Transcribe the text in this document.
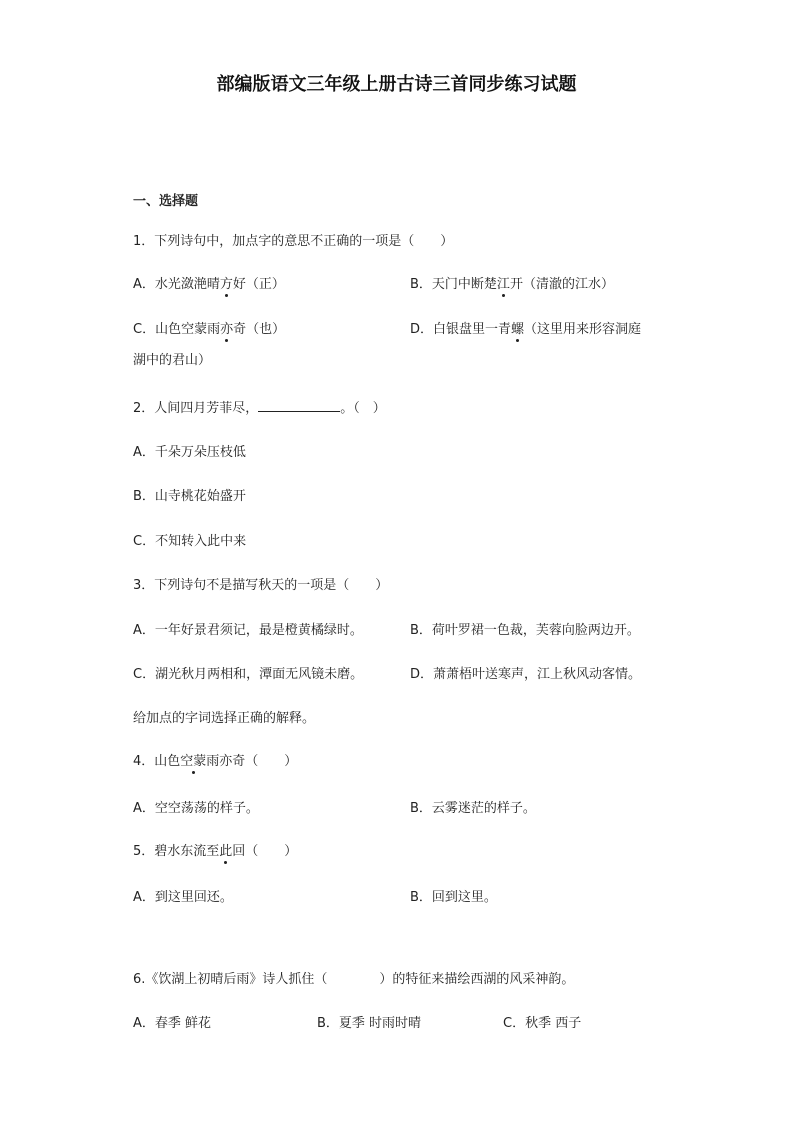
部编版语文三年级上册古诗三首同步练习试题
一、选择题
1．下列诗句中，加点字的意思不正确的一项是（　　）
A．水光潋滟晴方好（正）	B．天门中断楚江开（清澈的江水）
C．山色空蒙雨亦奇（也）	D．白银盘里一青螺（这里用来形容洞庭
湖中的君山）
2．人间四月芳菲尽，	。（　）
A．千朵万朵压枝低
B．山寺桃花始盛开
C．不知转入此中来
3．下列诗句不是描写秋天的一项是（　　）
A．一年好景君须记，最是橙黄橘绿时。	B．荷叶罗裙一色裁，芙蓉向脸两边开。
C．湖光秋月两相和，潭面无风镜未磨。	D．萧萧梧叶送寒声，江上秋风动客情。
给加点的字词选择正确的解释。
4．山色空蒙雨亦奇（　　）
A．空空荡荡的样子。	B．云雾迷茫的样子。
5．碧水东流至此回（　　）
A．到这里回还。	B．回到这里。
6.《饮湖上初晴后雨》诗人抓住（　　　　）的特征来描绘西湖的风采神韵。
A．春季 鲜花	B．夏季 时雨时晴	C．秋季 西子
